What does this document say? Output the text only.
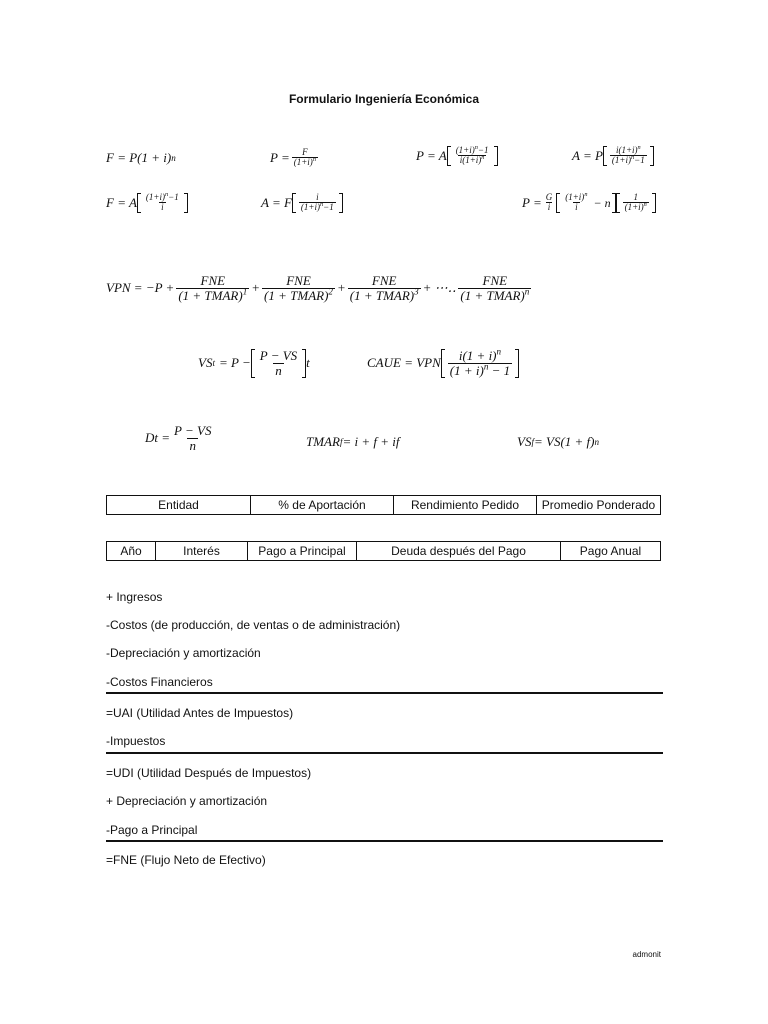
Formulario Ingeniería Económica
F = P(1 + i) n	$P = \frac{F}{(1+i)^n}$	P = A $\frac{(1+i)^n-1}{i(1+i)^n}$	A = P $\frac{i(1+i)^n}{(1+i)^n-1}$
F = A $\frac{(1+i)^n-1}{i}$	A = F $\frac{i}{(1+i)^n-1}$	$P = \frac{G}{i} \frac{(1+i)^n}{i} - n \frac{1}{(1+i)^n}$
VPN = $-P + \frac{\text{FNE}}{(1 + TMAR)^1} + \frac{\text{FNE}}{(1 + TMAR)^2} + \frac{\text{FNE}}{(1 + TMAR)^3}$ + ⋯‥ $\frac{\text{FNE}}{(1 + TMAR)^n}$
VS $t = P - \frac{P - VS}{n}$ t	CAUE = VPN $\frac{i(1 + i)^n}{(1 + i)^n - 1}$
$Dt = \frac{P - VS}{n}$	TMAR f = i + f + if	VS f = VS(1 + f) n
Entidad	% de Aportación	Rendimiento Pedido	Promedio Ponderado
Año	Interés	Pago a Principal	Deuda después del Pago	Pago Anual
+ Ingresos
-Costos (de producción, de ventas o de administración)
-Depreciación y amortización
-Costos Financieros
=UAI (Utilidad Antes de Impuestos)
-Impuestos
=UDI (Utilidad Después de Impuestos)
+ Depreciación y amortización
-Pago a Principal
=FNE (Flujo Neto de Efectivo)
admonit
